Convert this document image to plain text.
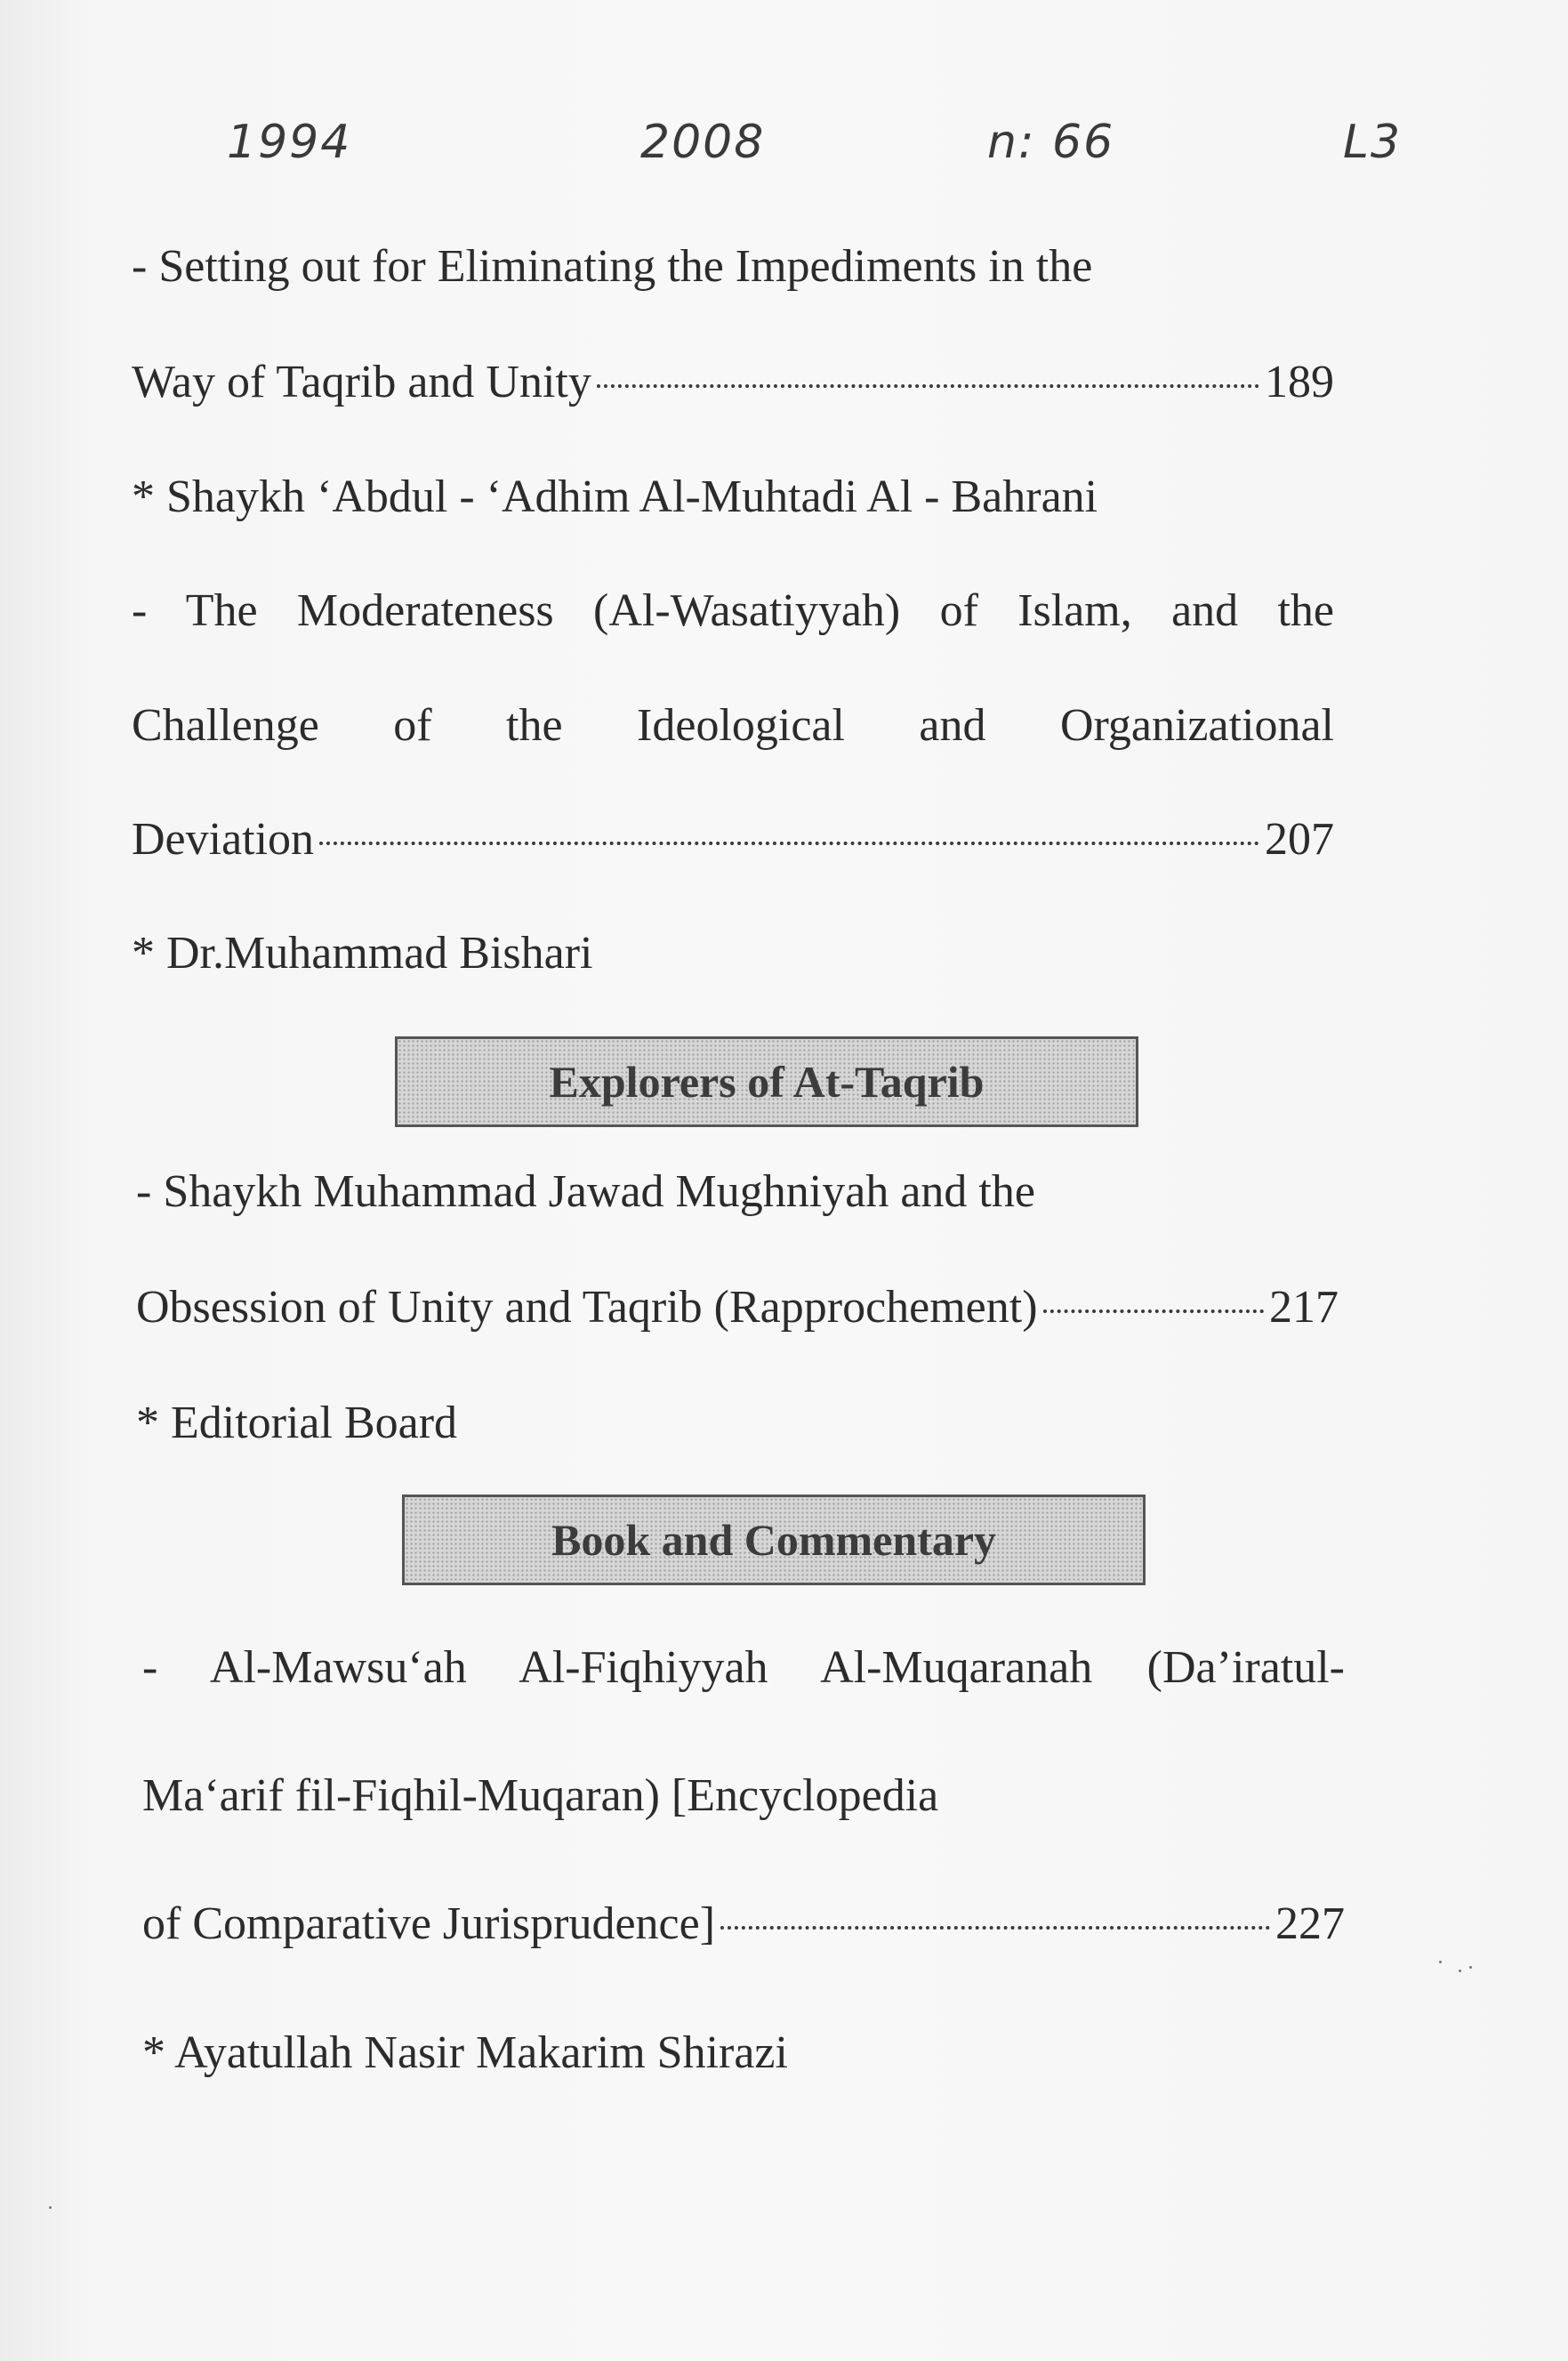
1994	2008	n: 66	L3
- Setting out for Eliminating the Impediments in the
Way of Taqrib and Unity	189
* Shaykh ‘Abdul - ‘Adhim Al-Muhtadi Al - Bahrani
- The Moderateness (Al-Wasatiyyah) of Islam, and the
Challenge of the Ideological and Organizational
Deviation	207
* Dr.Muhammad Bishari
Explorers of At-Taqrib
- Shaykh Muhammad Jawad Mughniyah and the
Obsession of Unity and Taqrib (Rapprochement)	217
* Editorial Board
Book and Commentary
- Al-Mawsu‘ah Al-Fiqhiyyah Al-Muqaranah (Da’iratul-
Ma‘arif fil-Fiqhil-Muqaran) [Encyclopedia
of Comparative Jurisprudence]	227
* Ayatullah Nasir Makarim Shirazi
